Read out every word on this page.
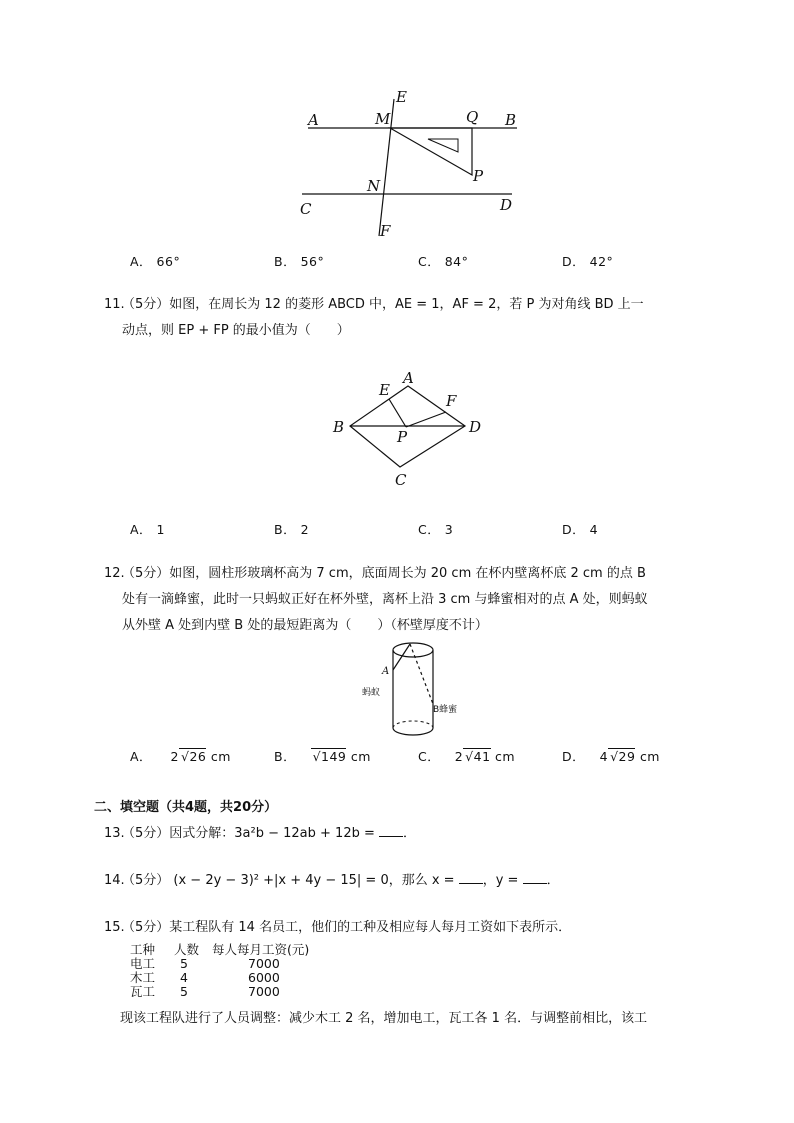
A	M
E
Q B
N
P
C	D
F
A． 66°	B． 56°	C． 84°	D． 42°
11.
（5分）如图，在周长为 12 的菱形 ABCD 中，AE = 1，AF = 2，若 P 为对角线 BD 上一
动点，则 EP + FP 的最小值为（　　）
E
A
F
B
P
D
C
A． 1	B． 2	C． 3	D． 4
12.
（5分）如图，圆柱形玻璃杯高为 7 cm，底面周长为 20 cm 在杯内壁离杯底 2 cm 的点 B
处有一滴蜂蜜，此时一只蚂蚁正好在杯外壁，离杯上沿 3 cm 与蜂蜜相对的点 A 处，则蚂蚁
从外壁 A 处到内壁 B 处的最短距离为（　　）（杯壁厚度不计）
A
蚂蚁
B蜂蜜
A． 2 √26 cm	B． √149 cm	C． 2 √41 cm	D． 4 √29 cm
二、填空题（共4题，共20分）
13.
（5分）因式分解：3a²b − 12ab + 12b = ．
14.
（5分） (x − 2y − 3)² +|x + 4y − 15| = 0，那么 x = ，y = ．
15.
（5分）某工程队有 14 名员工，他们的工种及相应每人每月工资如下表所示．
工种	人数	每人每月工资(元)
电工	5	7000
木工	4	6000
瓦工	5	7000
现该工程队进行了人员调整：减少木工 2 名，增加电工，瓦工各 1 名．与调整前相比，该工
